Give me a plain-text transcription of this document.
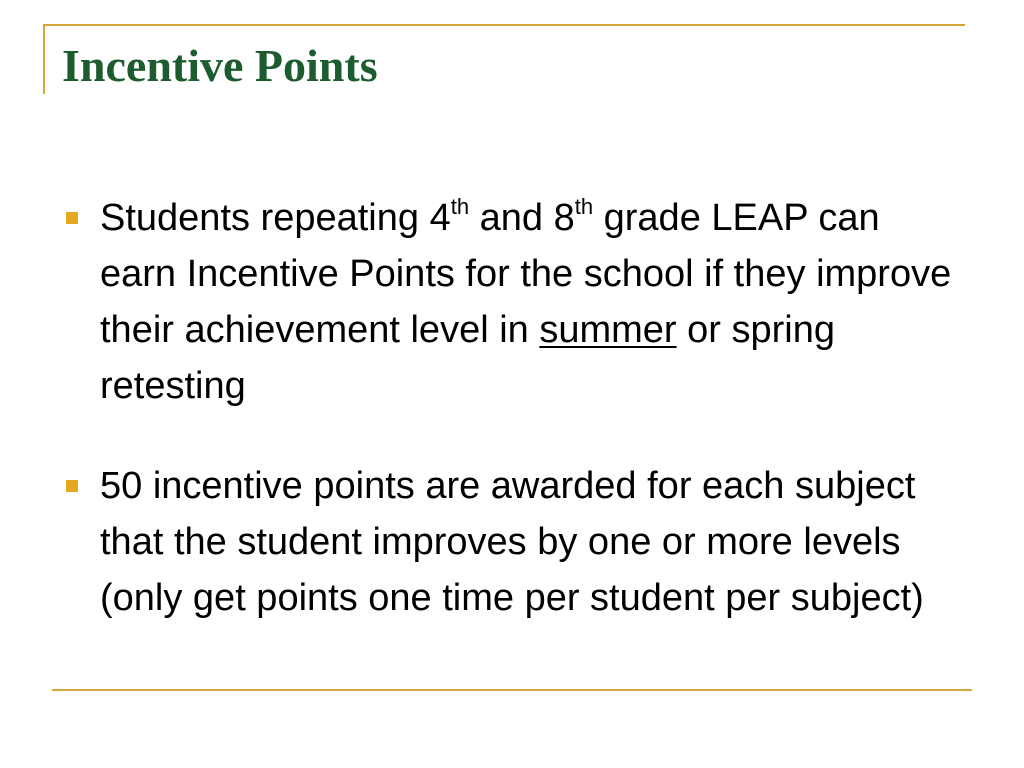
Incentive Points
Students repeating 4th and 8th grade LEAP can earn Incentive Points for the school if they improve their achievement level in summer or spring retesting
50 incentive points are awarded for each subject that the student improves by one or more levels (only get points one time per student per subject)
